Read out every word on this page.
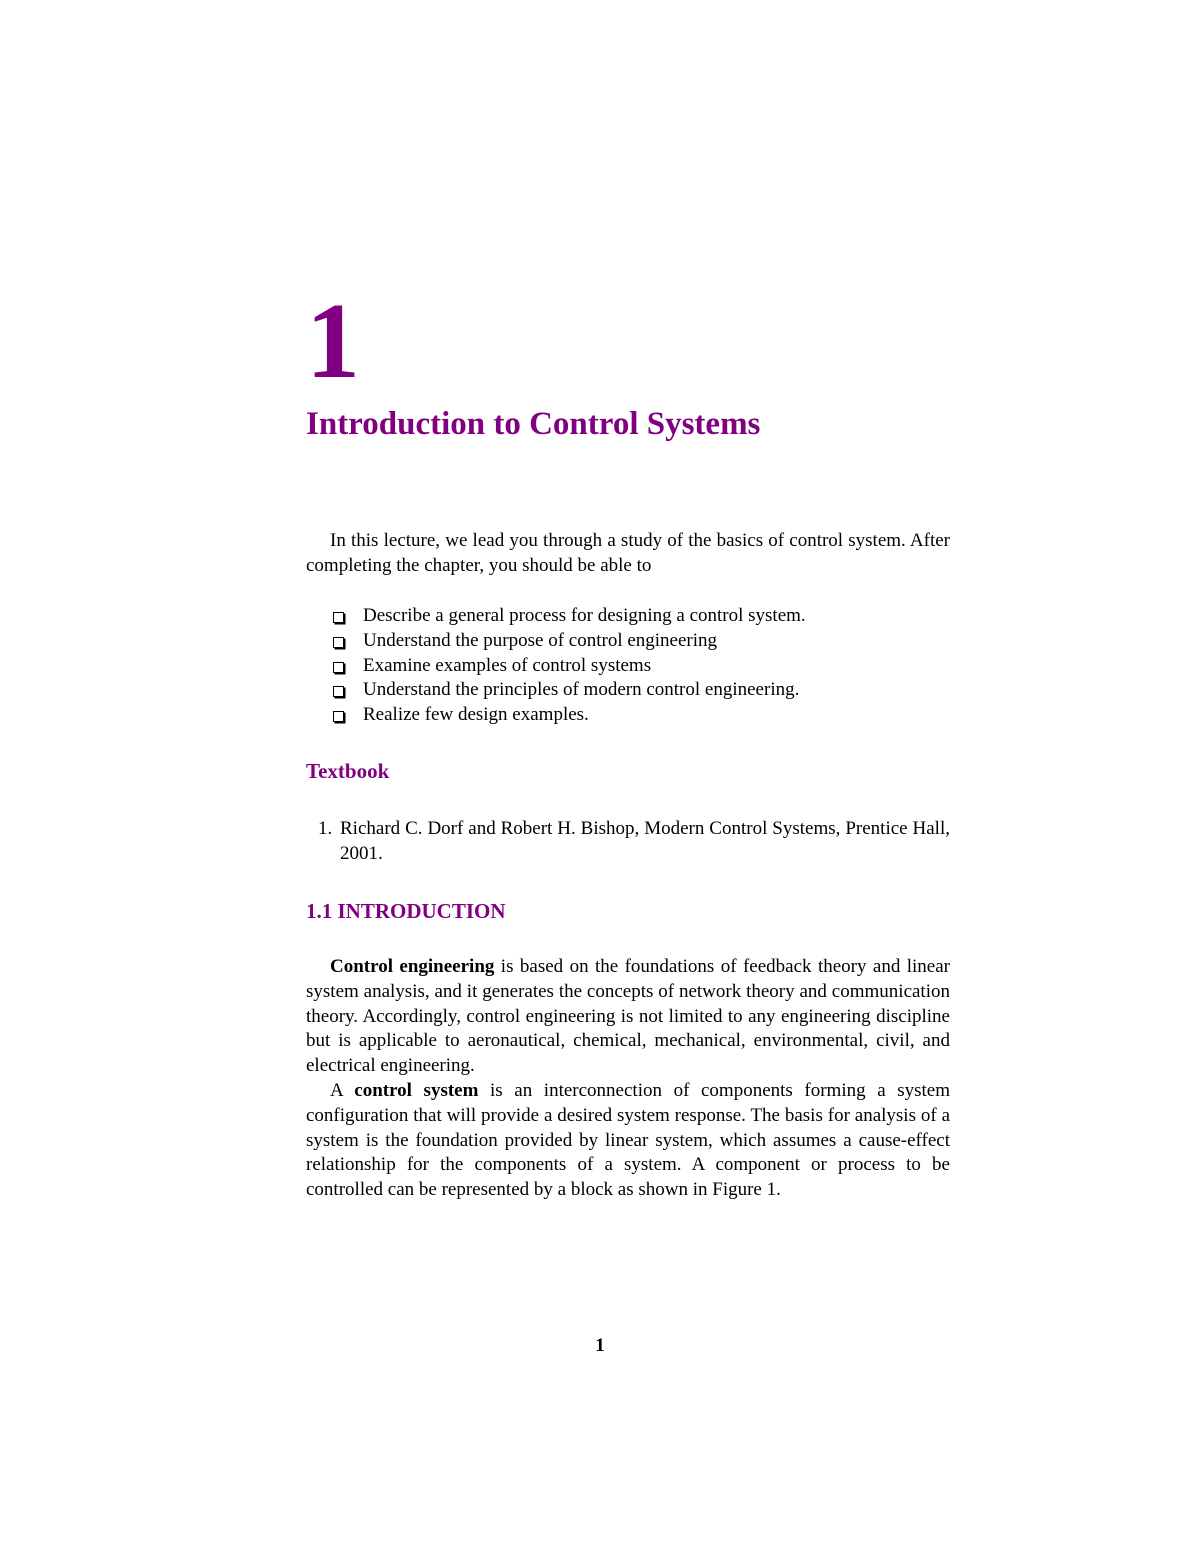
1
Introduction to Control Systems

In this lecture, we lead you through a study of the basics of control system. After completing the chapter, you should be able to

Describe a general process for designing a control system.
Understand the purpose of control engineering
Examine examples of control systems
Understand the principles of modern control engineering.
Realize few design examples.
Textbook
1. Richard C. Dorf and Robert H. Bishop, Modern Control Systems, Prentice Hall, 2001.
1.1 INTRODUCTION

Control engineering is based on the foundations of feedback theory and linear system analysis, and it generates the concepts of network theory and communication theory. Accordingly, control engineering is not limited to any engineering discipline but is applicable to aeronautical, chemical, mechanical, environmental, civil, and electrical engineering.

A control system is an interconnection of components forming a system configuration that will provide a desired system response. The basis for analysis of a system is the foundation provided by linear system, which assumes a cause-effect relationship for the components of a system. A component or process to be controlled can be represented by a block as shown in Figure 1.

1
